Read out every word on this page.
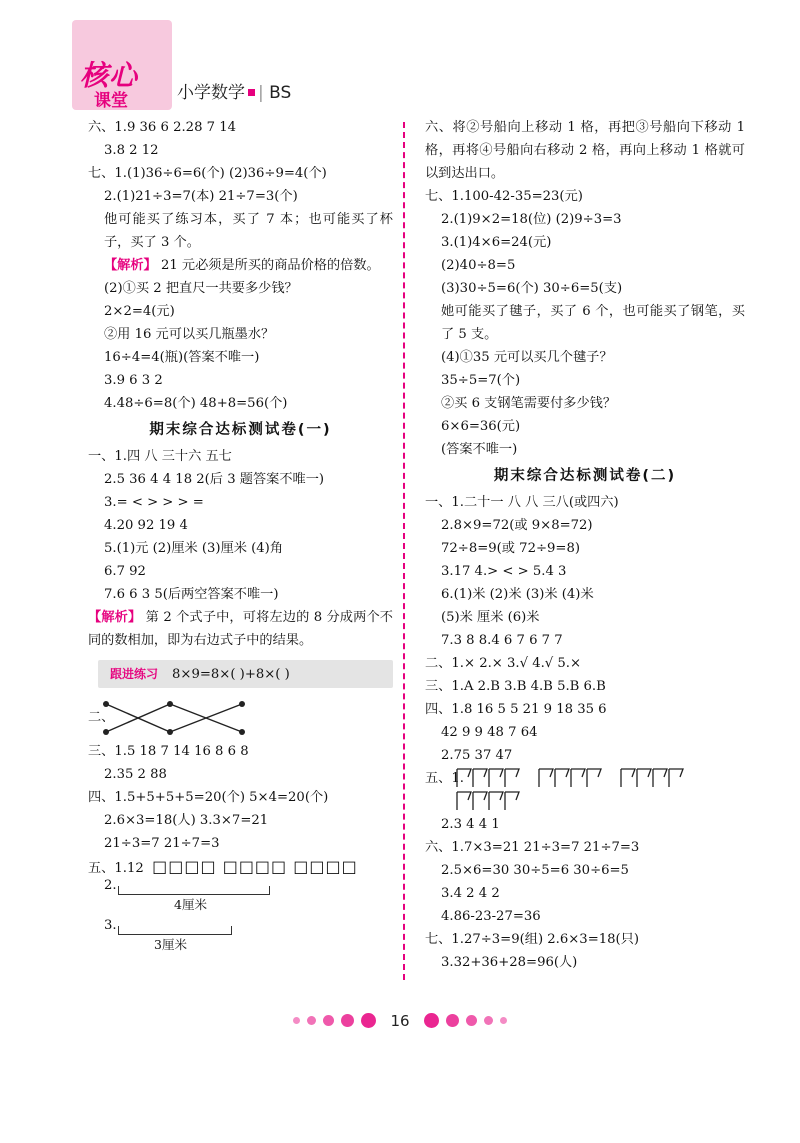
核心
课堂	小学数学 | BS
六、1.9 36 6 2.28 7 14
3.8 2 12
七、1.(1)36÷6=6(个) (2)36÷9=4(个)
2.(1)21÷3=7(本) 21÷7=3(个)
他可能买了练习本，买了 7 本；也可能买了杯子，买了 3 个。
【解析】 21 元必须是所买的商品价格的倍数。
(2)①买 2 把直尺一共要多少钱？
2×2=4(元)
②用 16 元可以买几瓶墨水？
16÷4=4(瓶)(答案不唯一)
3.9 6 3 2
4.48÷6=8(个) 48+8=56(个)
期末综合达标测试卷(一)
一、1.四 八 三十六 五七
2.5 36 4 4 18 2(后 3 题答案不唯一)
3.= < > > > =
4.20 92 19 4
5.(1)元 (2)厘米 (3)厘米 (4)角
6.7 92
7.6 6 3 5(后两空答案不唯一)
【解析】 第 2 个式子中，可将左边的 8 分成两个不同的数相加，即为右边式子中的结果。
跟进练习 8×9=8×( )+8×( )
二、
三、1.5 18 7 14 16 8 6 8
2.35 2 88
四、1.5+5+5+5=20(个) 5×4=20(个)
2.6×3=18(人) 3.3×7=21
21÷3=7 21÷7=3
五、1.12 □□□□ □□□□ □□□□
2.
4厘米
3.
3厘米
六、将②号船向上移动 1 格，再把③号船向下移动 1 格，再将④号船向右移动 2 格，再向上移动 1 格就可以到达出口。
七、1.100-42-35=23(元)
2.(1)9×2=18(位) (2)9÷3=3
3.(1)4×6=24(元)
(2)40÷8=5
(3)30÷5=6(个) 30÷6=5(支)
她可能买了毽子，买了 6 个，也可能买了钢笔，买了 5 支。
(4)①35 元可以买几个毽子？
35÷5=7(个)
②买 6 支钢笔需要付多少钱？
6×6=36(元)
(答案不唯一)
期末综合达标测试卷(二)
一、1.二十一 八 八 三八(或四六)
2.8×9=72(或 9×8=72)
72÷8=9(或 72÷9=8)
3.17 4.> < > 5.4 3
6.(1)米 (2)米 (3)米 (4)米
(5)米 厘米 (6)米
7.3 8 8.4 6 7 6 7 7
二、1.× 2.× 3.√ 4.√ 5.×
三、1.A 2.B 3.B 4.B 5.B 6.B
四、1.8 16 5 5 21 9 18 35 6
42 9 9 48 7 64
2.75 37 47
五、1.
2.3 4 4 1
六、1.7×3=21 21÷3=7 21÷7=3
2.5×6=30 30÷5=6 30÷6=5
3.4 2 4 2
4.86-23-27=36
七、1.27÷3=9(组) 2.6×3=18(只)
3.32+36+28=96(人)
16
